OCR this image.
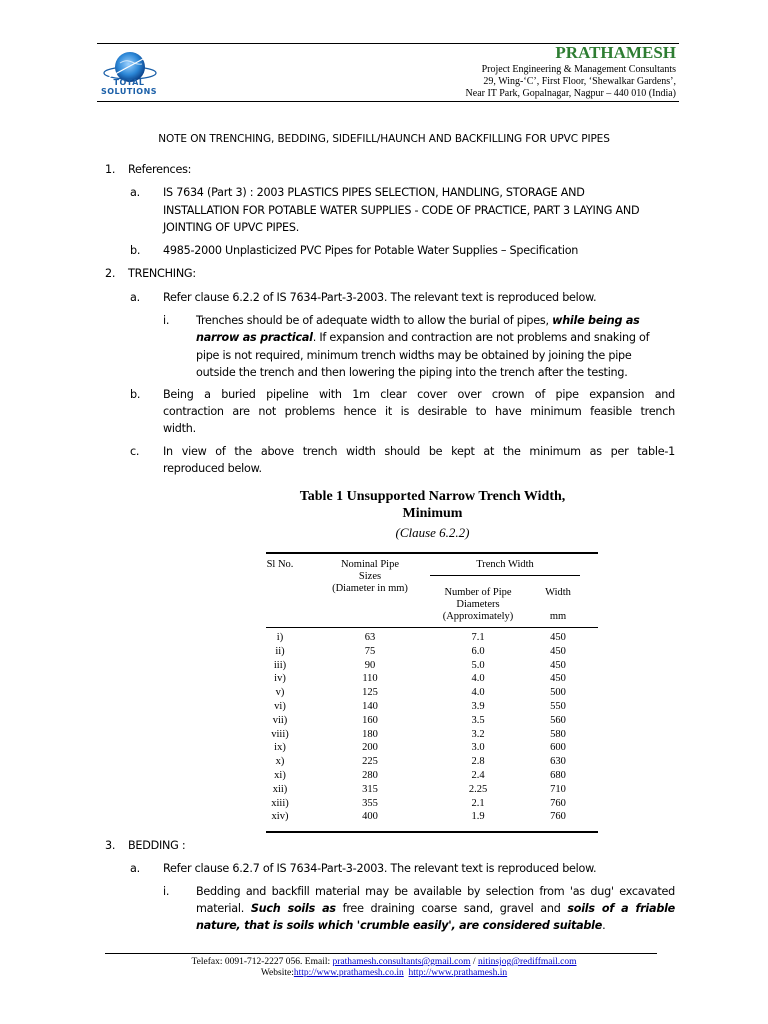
TOTAL
SOLUTIONS
PRATHAMESH
Project Engineering & Management Consultants
29, Wing-‘C’, First Floor, ‘Shewalkar Gardens’,
Near IT Park, Gopalnagar, Nagpur – 440 010 (India)
NOTE ON TRENCHING, BEDDING, SIDEFILL/HAUNCH AND BACKFILLING FOR UPVC PIPES
1. References:
a. IS 7634 (Part 3) : 2003 PLASTICS PIPES SELECTION, HANDLING, STORAGE AND
INSTALLATION FOR POTABLE WATER SUPPLIES - CODE OF PRACTICE, PART 3 LAYING AND
JOINTING OF UPVC PIPES.
b. 4985-2000 Unplasticized PVC Pipes for Potable Water Supplies – Specification
2. TRENCHING:
a. Refer clause 6.2.2 of IS 7634-Part-3-2003. The relevant text is reproduced below.
i. Trenches should be of adequate width to allow the burial of pipes, while being as
narrow as practical. If expansion and contraction are not problems and snaking of
pipe is not required, minimum trench widths may be obtained by joining the pipe
outside the trench and then lowering the piping into the trench after the testing.
b. Being a buried pipeline with 1m clear cover over crown of pipe expansion and
contraction are not problems hence it is desirable to have minimum feasible trench
width.
c. In view of the above trench width should be kept at the minimum as per table-1
reproduced below.
Table 1 Unsupported Narrow Trench Width,
Minimum
(Clause 6.2.2)
Sl No.	Nominal Pipe
Sizes
(Diameter in mm)
Trench Width
Number of Pipe
Diameters
(Approximately)
Width
mm
i)	63	7.1	450
ii)	75	6.0	450
iii)	90	5.0	450
iv)	110	4.0	450
v)	125	4.0	500
vi)	140	3.9	550
vii)	160	3.5	560
viii)	180	3.2	580
ix)	200	3.0	600
x)	225	2.8	630
xi)	280	2.4	680
xii)	315	2.25	710
xiii)	355	2.1	760
xiv)	400	1.9	760
3. BEDDING :
a. Refer clause 6.2.7 of IS 7634-Part-3-2003. The relevant text is reproduced below.
i. Bedding and backfill material may be available by selection from 'as dug' excavated
material. Such soils as free draining coarse sand, gravel and soils of a friable
nature, that is soils which 'crumble easily', are considered suitable.
Telefax: 0091-712-2227 056. Email: prathamesh.consultants@gmail.com / nitinsjog@rediffmail.com
Website:http://www.prathamesh.co.in http://www.prathamesh.in
